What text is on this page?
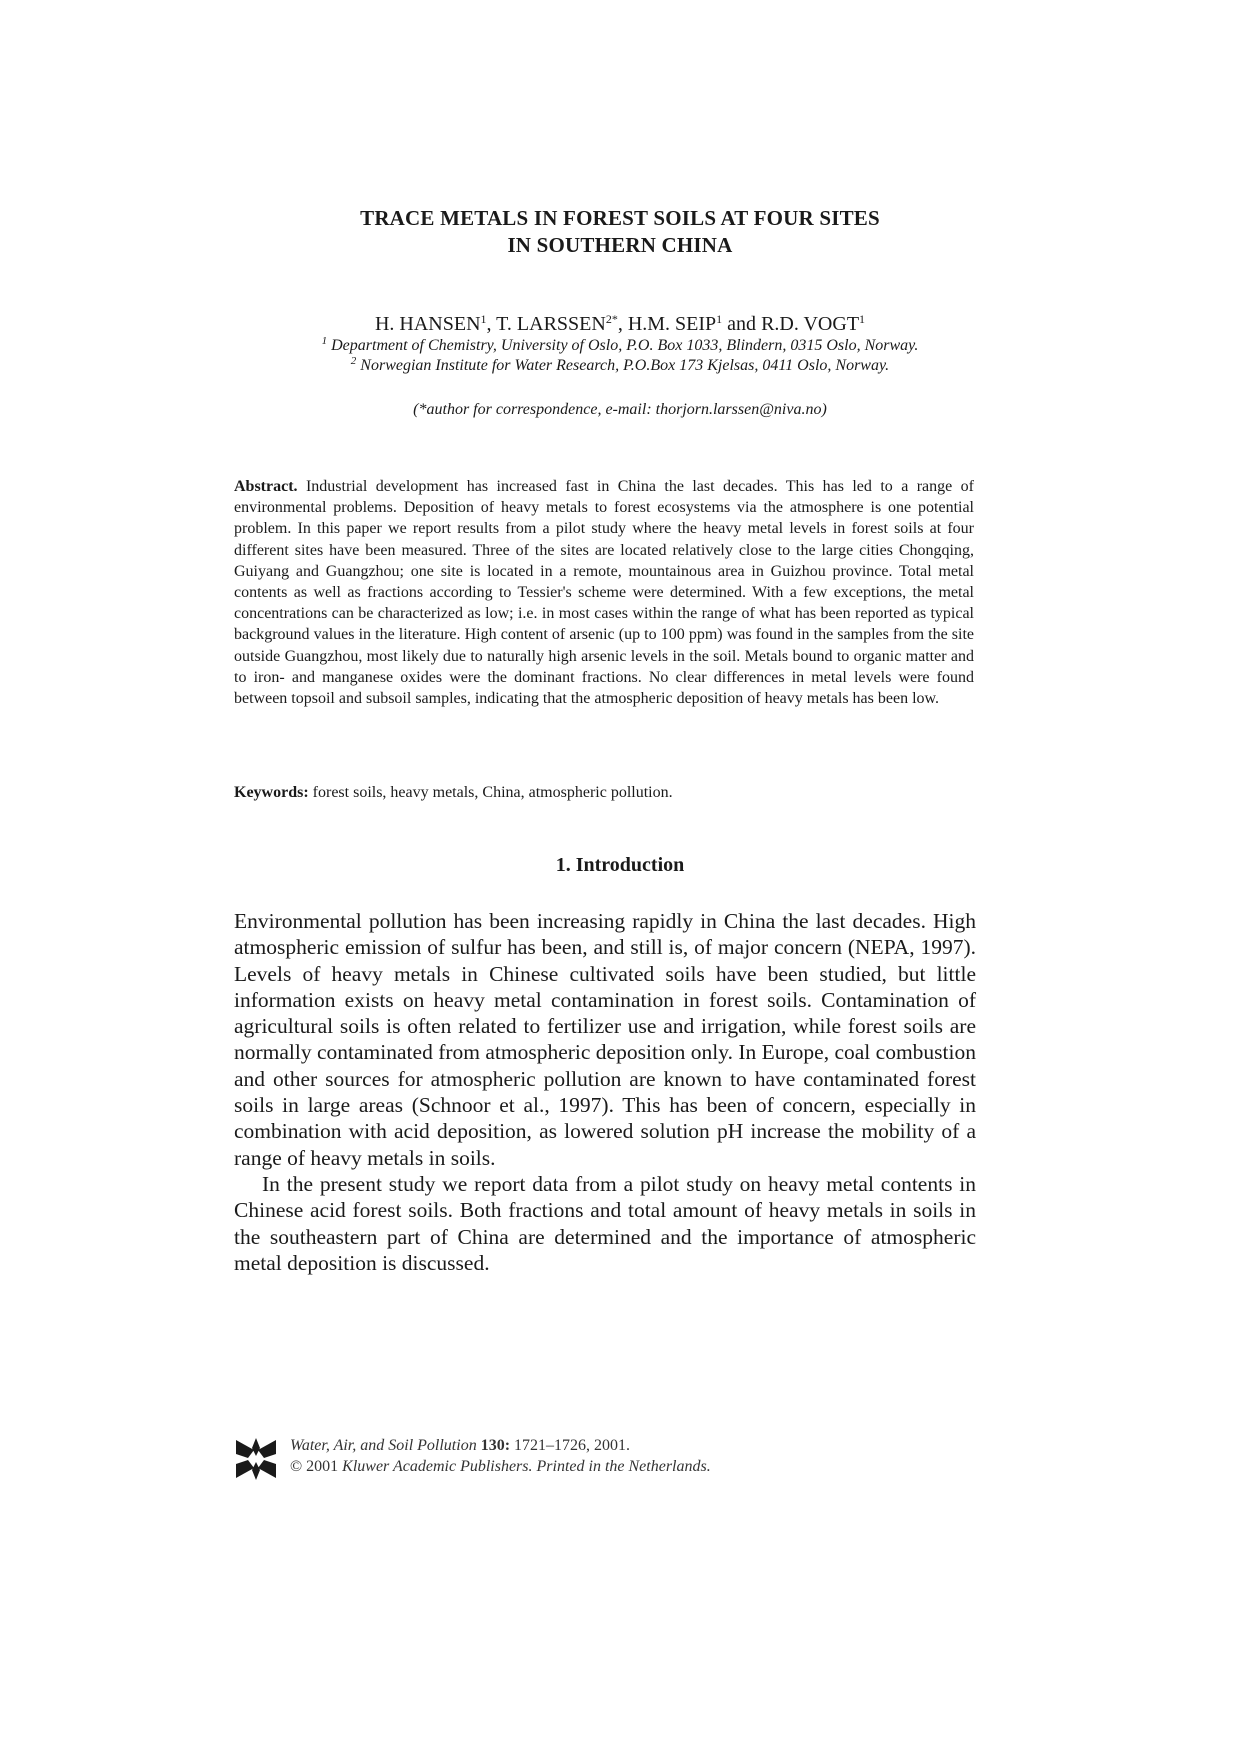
TRACE METALS IN FOREST SOILS AT FOUR SITES
IN SOUTHERN CHINA
H. HANSEN$^1$, T. $LARSSEN^{2*}$, H.M. SEIP$^1$ and R.D. VOGT$^1$
$^1$ Department of Chemistry, University of Oslo, P.O. Box 1033, Blindern, 0315 Oslo, Norway.
$^2$ Norwegian Institute for Water Research, P.O.Box 173 Kjelsas, 0411 Oslo, Norway.
(*author for correspondence, e-mail: thorjorn.larssen@niva.no)
Abstract. Industrial development has increased fast in China the last decades. This has led to a range of environmental problems. Deposition of heavy metals to forest ecosystems via the atmosphere is one potential problem. In this paper we report results from a pilot study where the heavy metal levels in forest soils at four different sites have been measured. Three of the sites are located relatively close to the large cities Chongqing, Guiyang and Guangzhou; one site is located in a remote, mountainous area in Guizhou province. Total metal contents as well as fractions according to Tessier's scheme were determined. With a few exceptions, the metal concentrations can be characterized as low; i.e. in most cases within the range of what has been reported as typical background values in the literature. High content of arsenic (up to 100 ppm) was found in the samples from the site outside Guangzhou, most likely due to naturally high arsenic levels in the soil. Metals bound to organic matter and to iron- and manganese oxides were the dominant fractions. No clear differences in metal levels were found between topsoil and subsoil samples, indicating that the atmospheric deposition of heavy metals has been low.
Keywords: forest soils, heavy metals, China, atmospheric pollution.
1. Introduction

Environmental pollution has been increasing rapidly in China the last decades. High atmospheric emission of sulfur has been, and still is, of major concern (NEPA, 1997). Levels of heavy metals in Chinese cultivated soils have been studied, but little information exists on heavy metal contamination in forest soils. Contamination of agricultural soils is often related to fertilizer use and irrigation, while forest soils are normally contaminated from atmospheric deposition only. In Europe, coal combustion and other sources for atmospheric pollution are known to have contaminated forest soils in large areas (Schnoor et al., 1997). This has been of concern, especially in combination with acid deposition, as lowered solution pH increase the mobility of a range of heavy metals in soils.

In the present study we report data from a pilot study on heavy metal contents in Chinese acid forest soils. Both fractions and total amount of heavy metals in soils in the southeastern part of China are determined and the importance of atmospheric metal deposition is discussed.

Water, Air, and Soil Pollution 130: 1721–1726, 2001.
© 2001 Kluwer Academic Publishers. Printed in the Netherlands.
